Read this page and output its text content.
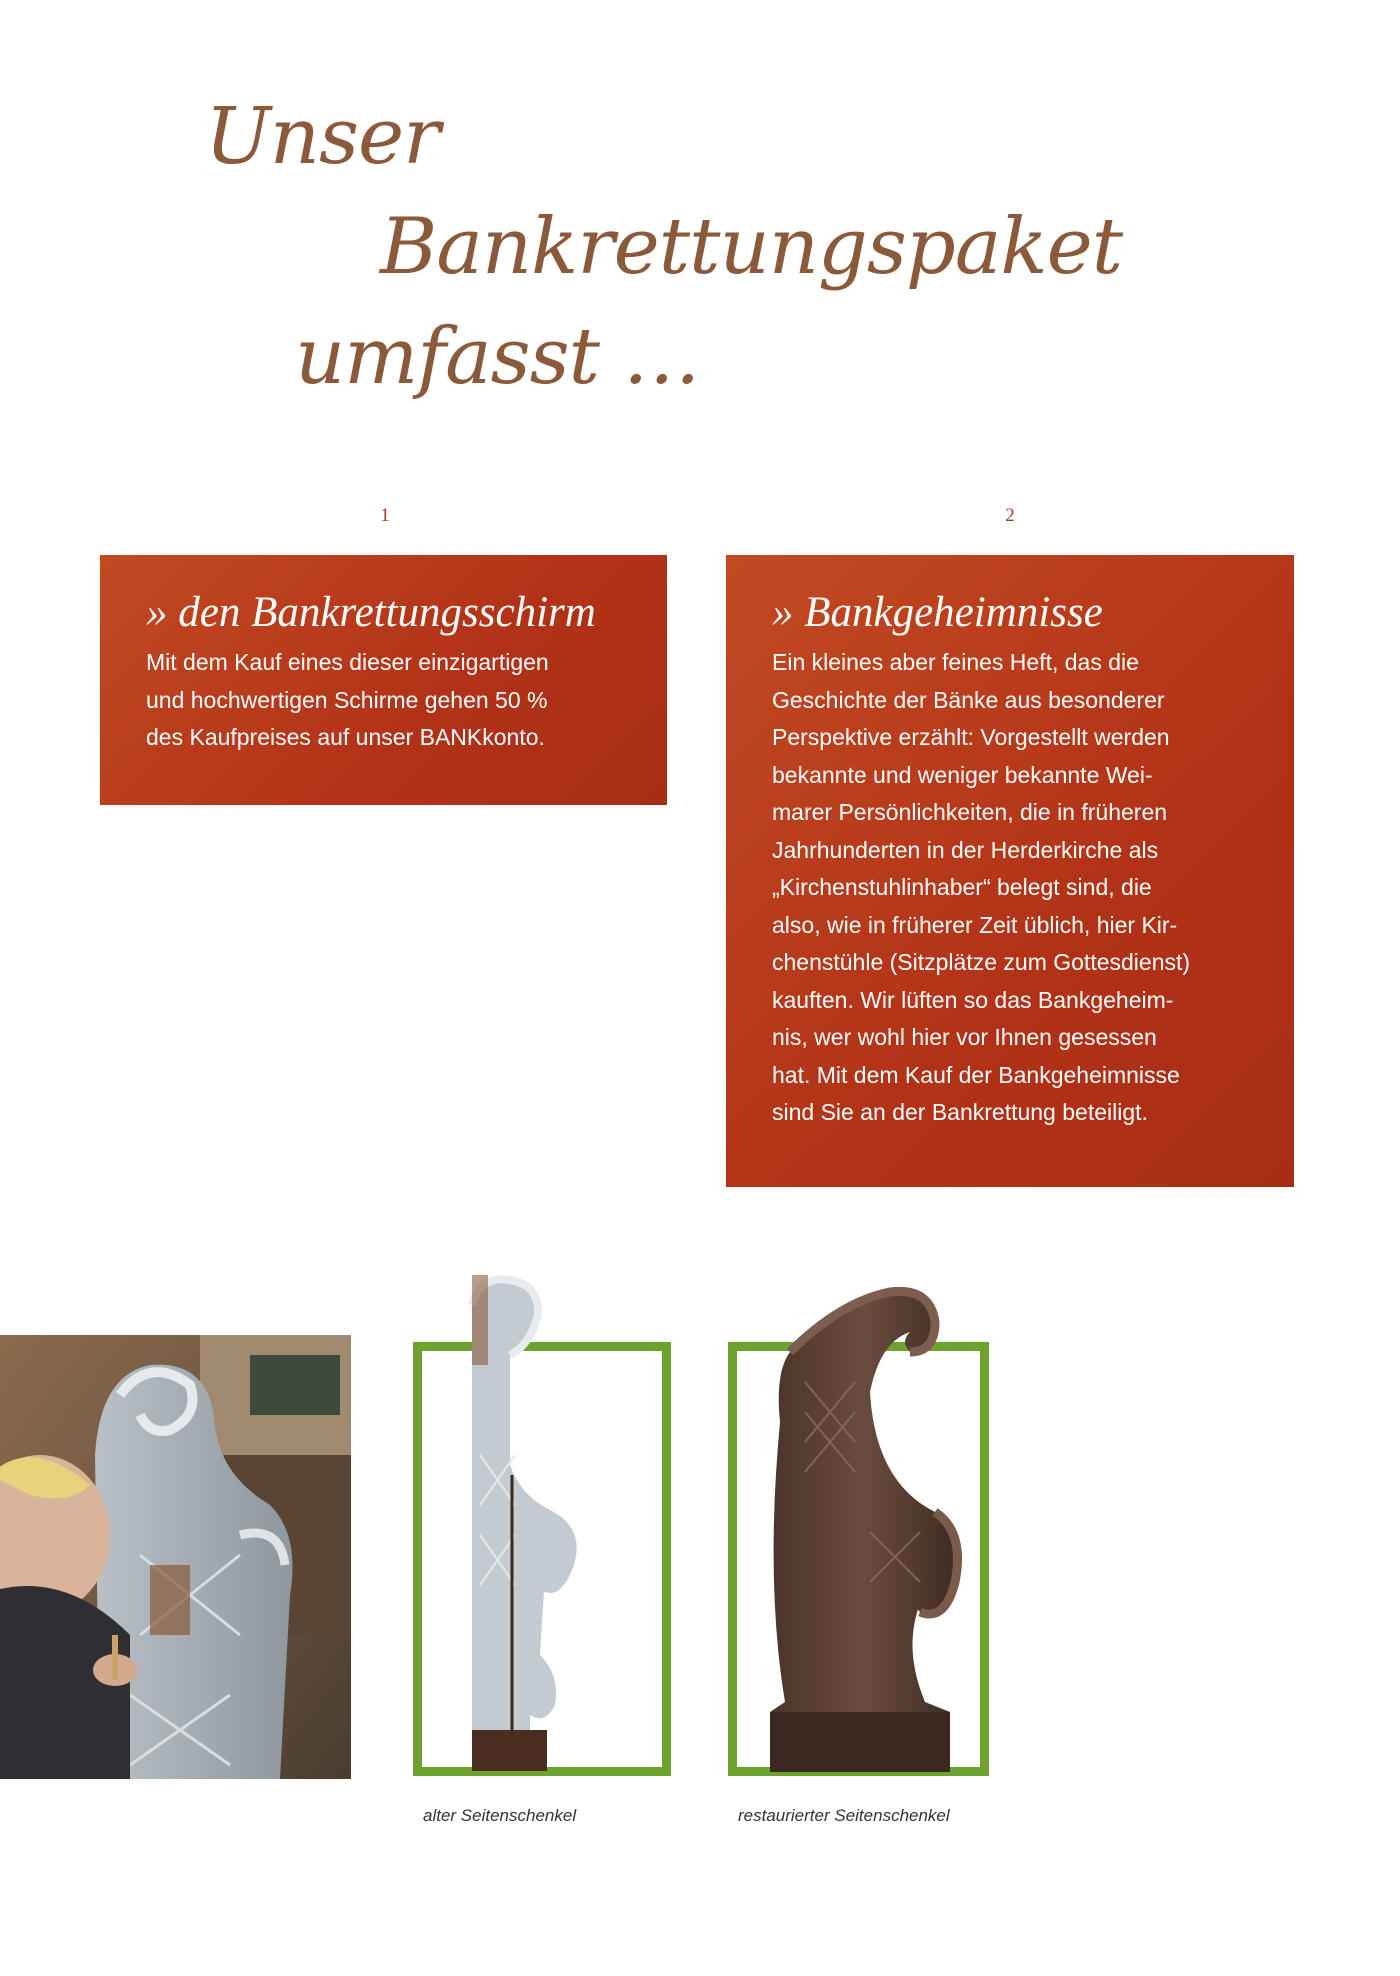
Unser
Bankrettungspaket
umfasst …
1	2
» den Bankrettungsschirm

Mit dem Kauf eines dieser einzigartigen
und hochwertigen Schirme gehen 50 %
des Kaufpreises auf unser BANKkonto.

» Bankgeheimnisse

Ein kleines aber feines Heft, das die
Geschichte der Bänke aus besonderer
Perspektive erzählt: Vorgestellt werden
bekannte und weniger bekannte Wei-
marer Persönlichkeiten, die in früheren
Jahrhunderten in der Herderkirche als
„Kirchenstuhlinhaber“ belegt sind, die
also, wie in früherer Zeit üblich, hier Kir-
chenstühle (Sitzplätze zum Gottesdienst)
kauften. Wir lüften so das Bankgeheim-
nis, wer wohl hier vor Ihnen gesessen
hat. Mit dem Kauf der Bankgeheimnisse
sind Sie an der Bankrettung beteiligt.

alter Seitenschenkel	restaurierter Seitenschenkel
